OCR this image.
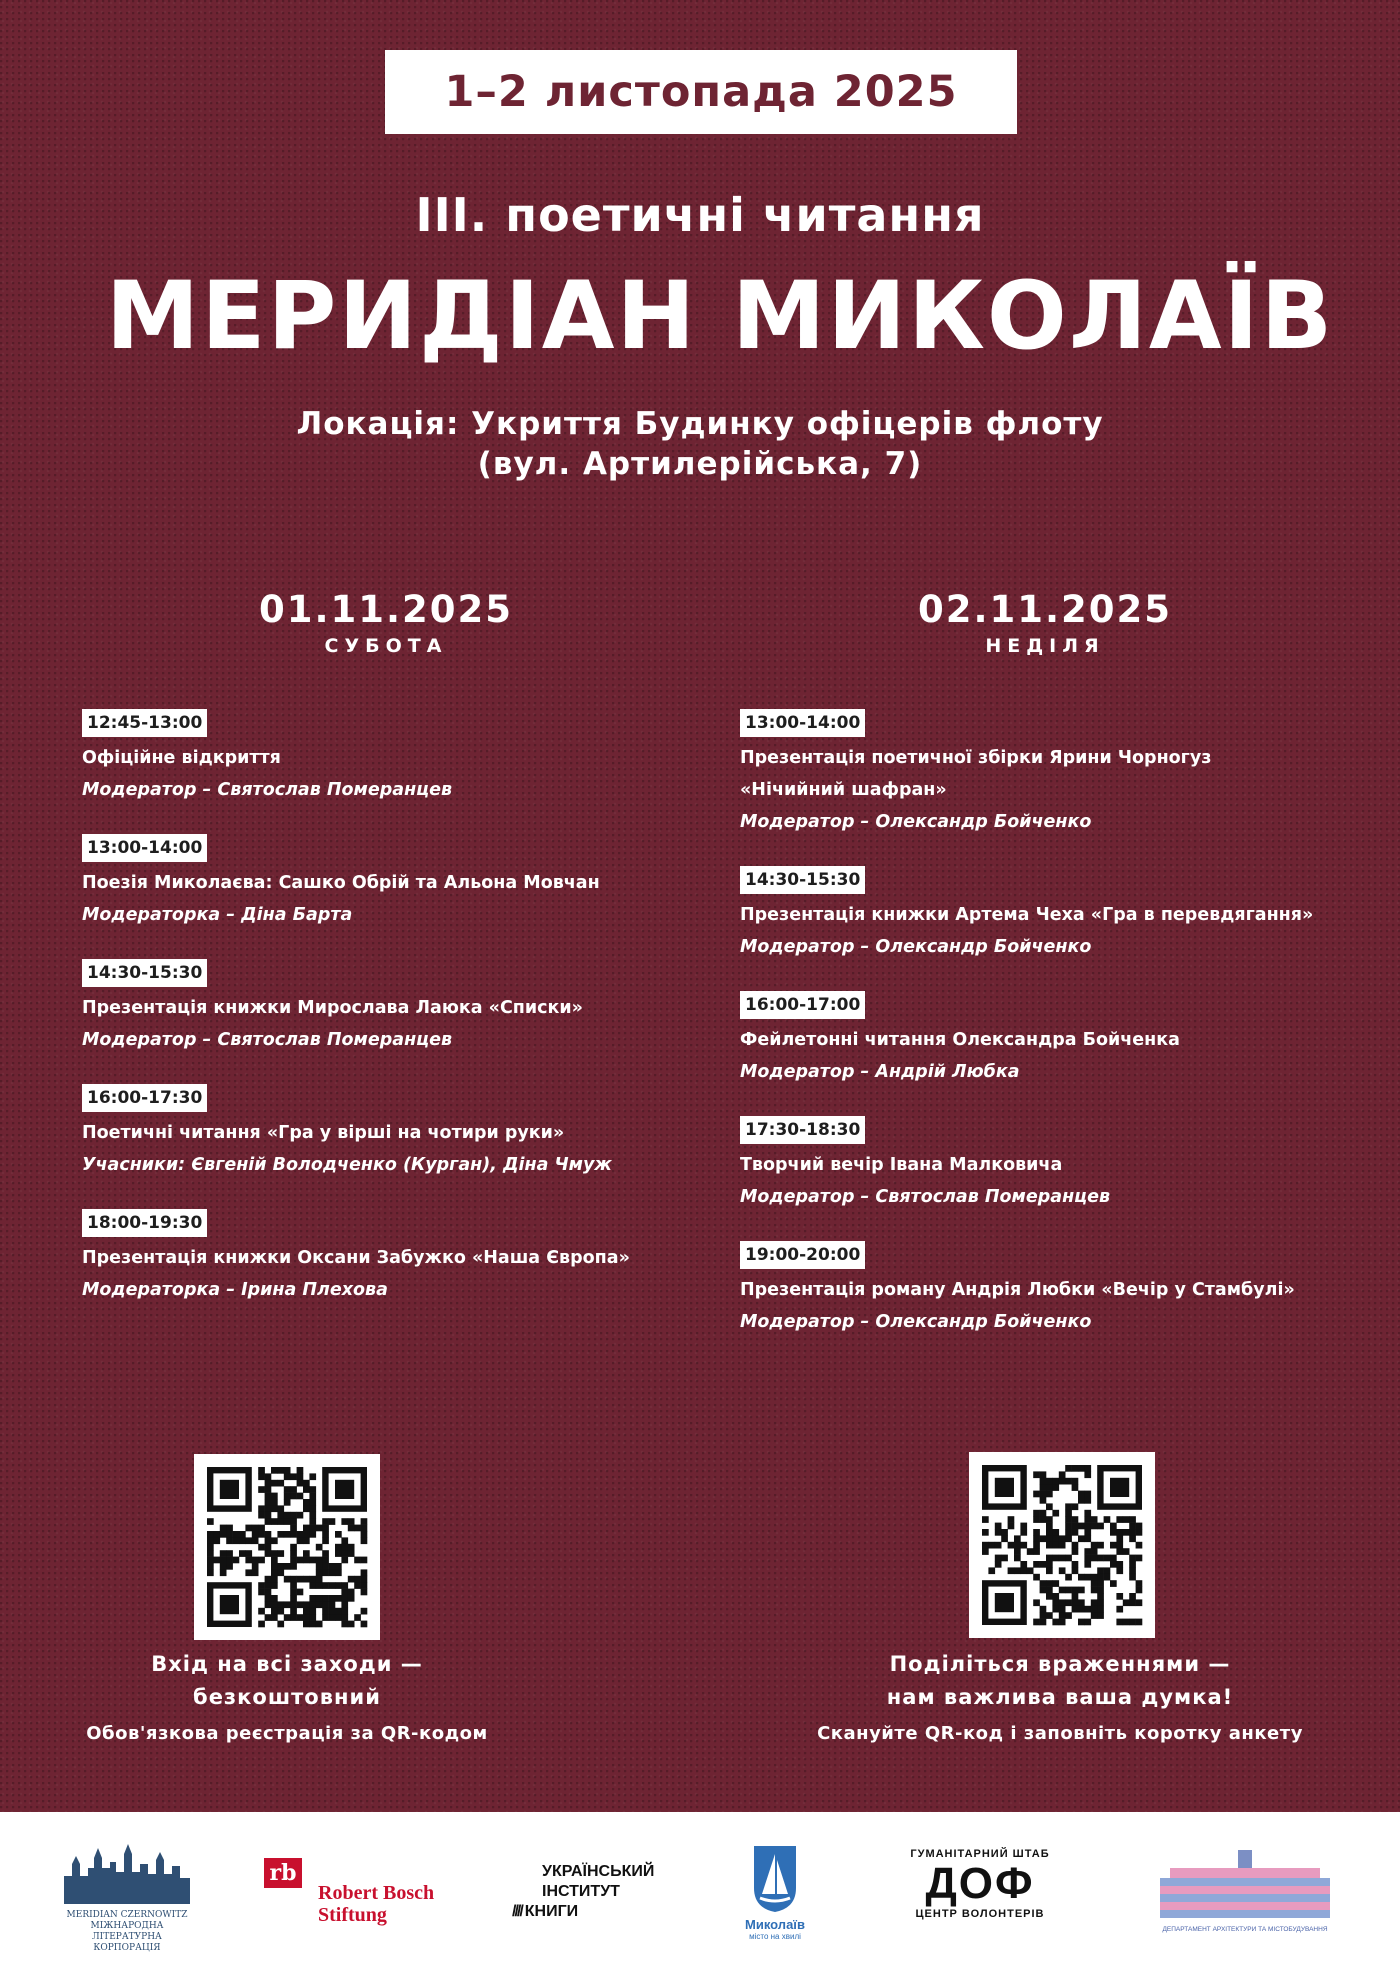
1–2 листопада 2025
ІІІ. поетичні читання
МЕРИДІАН МИКОЛАЇВ
Локація: Укриття Будинку офіцерів флоту
(вул. Артилерійська, 7)
01.11.2025
СУБОТА
02.11.2025
НЕДІЛЯ
12:45-13:00
Офіційне відкриття
Модератор – Святослав Померанцев
13:00-14:00
Поезія Миколаєва: Сашко Обрій та Альона Мовчан
Модераторка – Діна Барта
14:30-15:30
Презентація книжки Мирослава Лаюка «Списки»
Модератор – Святослав Померанцев
16:00-17:30
Поетичні читання «Гра у вірші на чотири руки»
Учасники: Євгеній Володченко (Курган), Діна Чмуж
18:00-19:30
Презентація книжки Оксани Забужко «Наша Європа»
Модераторка – Ірина Плехова
13:00-14:00
Презентація поетичної збірки Ярини Чорногуз
«Нічийний шафран»
Модератор – Олександр Бойченко
14:30-15:30
Презентація книжки Артема Чеха «Гра в перевдягання»
Модератор – Олександр Бойченко
16:00-17:00
Фейлетонні читання Олександра Бойченка
Модератор – Андрій Любка
17:30-18:30
Творчий вечір Івана Малковича
Модератор – Святослав Померанцев
19:00-20:00
Презентація роману Андрія Любки «Вечір у Стамбулі»
Модератор – Олександр Бойченко
Вхід на всі заходи —
безкоштовний
Обов'язкова реєстрація за QR-кодом
Поділіться враженнями —
нам важлива ваша думка!
Скануйте QR-код і заповніть коротку анкету
MERIDIAN CZERNOWITZ
МІЖНАРОДНА ЛІТЕРАТУРНА
КОРПОРАЦІЯ
rb
Robert Bosch
Stiftung
УКРАЇНСЬКИЙ
ІНСТИТУТ
//// КНИГИ
Миколаїв
місто на хвилі
ГУМАНІТАРНИЙ ШТАБ
ДОФ
ЦЕНТР ВОЛОНТЕРІВ
ДЕПАРТАМЕНТ АРХІТЕКТУРИ ТА МІСТОБУДУВАННЯ
